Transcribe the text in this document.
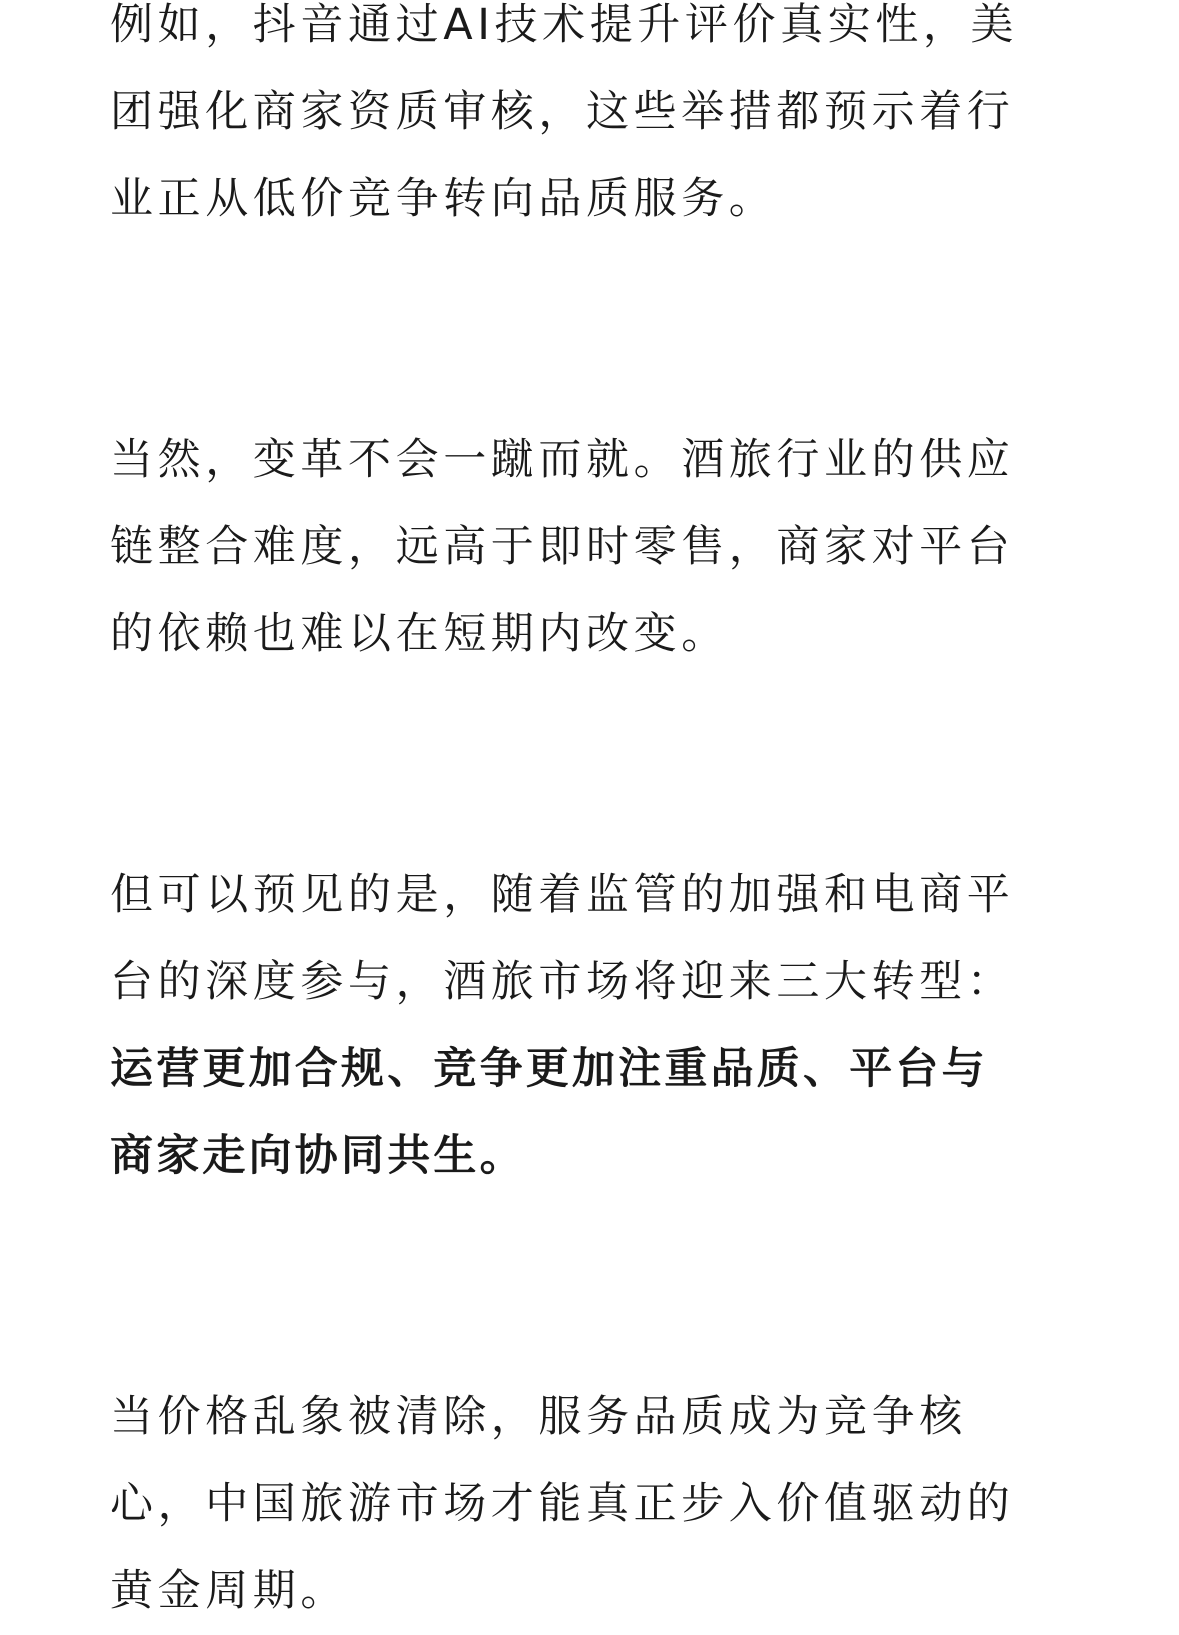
例如，抖音通过AI技术提升评价真实性，美
团强化商家资质审核，这些举措都预示着行
业正从低价竞争转向品质服务。

当然，变革不会一蹴而就。酒旅行业的供应
链整合难度，远高于即时零售，商家对平台
的依赖也难以在短期内改变。

但可以预见的是，随着监管的加强和电商平
台的深度参与，酒旅市场将迎来三大转型：
运营更加合规、竞争更加注重品质、平台与
商家走向协同共生。

当价格乱象被清除，服务品质成为竞争核
心，中国旅游市场才能真正步入价值驱动的
黄金周期。
